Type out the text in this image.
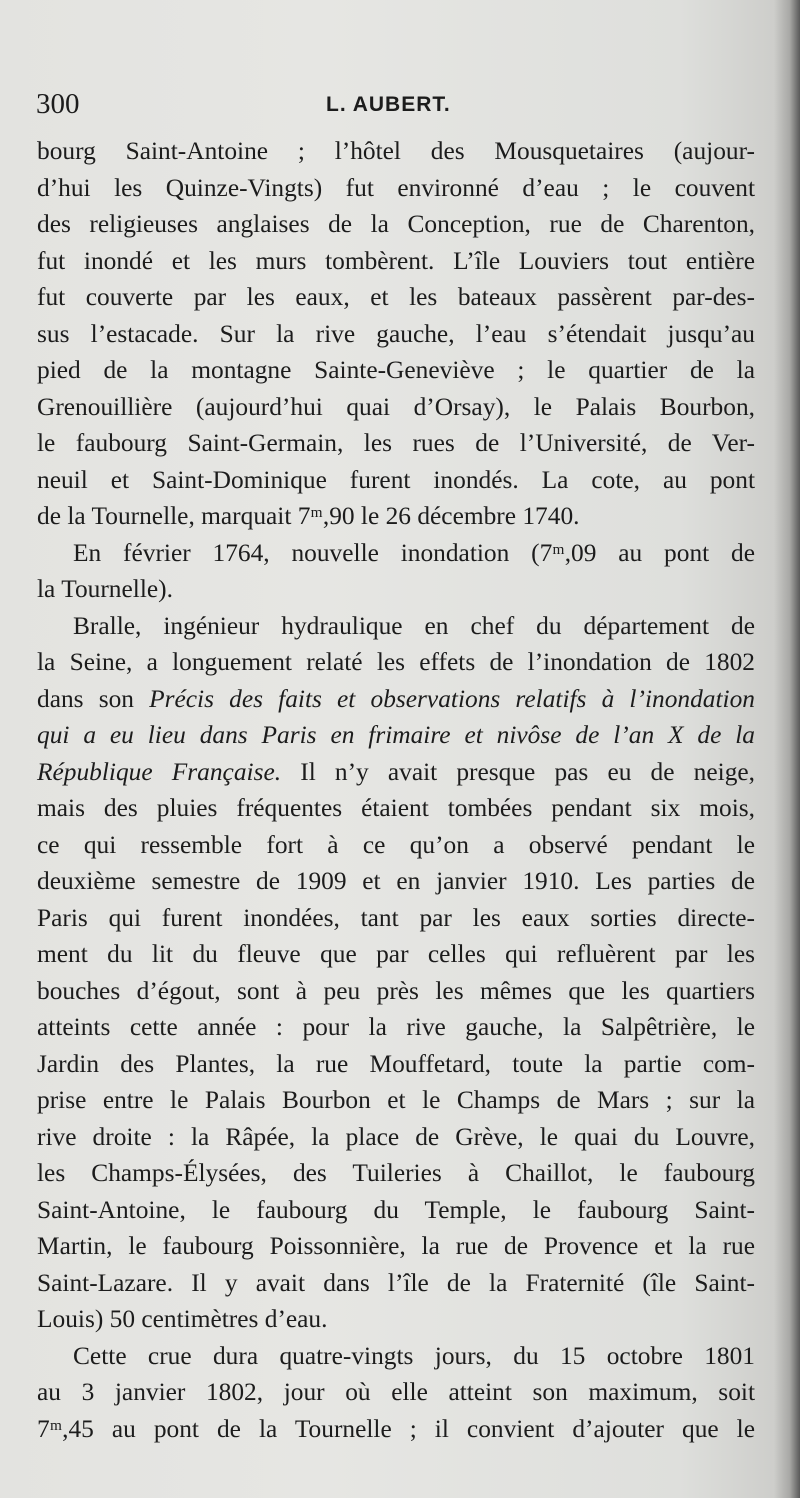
300	L. AUBERT.
bourg Saint-Antoine ; l’hôtel des Mousquetaires (aujour-
d’hui les Quinze-Vingts) fut environné d’eau ; le couvent
des religieuses anglaises de la Conception, rue de Charenton,
fut inondé et les murs tombèrent. L’île Louviers tout entière
fut couverte par les eaux, et les bateaux passèrent par-des-
sus l’estacade. Sur la rive gauche, l’eau s’étendait jusqu’au
pied de la montagne Sainte-Geneviève ; le quartier de la
Grenouillière (aujourd’hui quai d’Orsay), le Palais Bourbon,
le faubourg Saint-Germain, les rues de l’Université, de Ver-
neuil et Saint-Dominique furent inondés. La cote, au pont
de la Tournelle, marquait 7ᵐ,90 le 26 décembre 1740.
En février 1764, nouvelle inondation (7ᵐ,09 au pont de
la Tournelle).
Bralle, ingénieur hydraulique en chef du département de
la Seine, a longuement relaté les effets de l’inondation de 1802
dans son Précis des faits et observations relatifs à l’inondation
qui a eu lieu dans Paris en frimaire et nivôse de l’an X de la
République Française. Il n’y avait presque pas eu de neige,
mais des pluies fréquentes étaient tombées pendant six mois,
ce qui ressemble fort à ce qu’on a observé pendant le
deuxième semestre de 1909 et en janvier 1910. Les parties de
Paris qui furent inondées, tant par les eaux sorties directe-
ment du lit du fleuve que par celles qui refluèrent par les
bouches d’égout, sont à peu près les mêmes que les quartiers
atteints cette année : pour la rive gauche, la Salpêtrière, le
Jardin des Plantes, la rue Mouffetard, toute la partie com-
prise entre le Palais Bourbon et le Champs de Mars ; sur la
rive droite : la Râpée, la place de Grève, le quai du Louvre,
les Champs-Élysées, des Tuileries à Chaillot, le faubourg
Saint-Antoine, le faubourg du Temple, le faubourg Saint-
Martin, le faubourg Poissonnière, la rue de Provence et la rue
Saint-Lazare. Il y avait dans l’île de la Fraternité (île Saint-
Louis) 50 centimètres d’eau.
Cette crue dura quatre-vingts jours, du 15 octobre 1801
au 3 janvier 1802, jour où elle atteint son maximum, soit
7ᵐ,45 au pont de la Tournelle ; il convient d’ajouter que le
